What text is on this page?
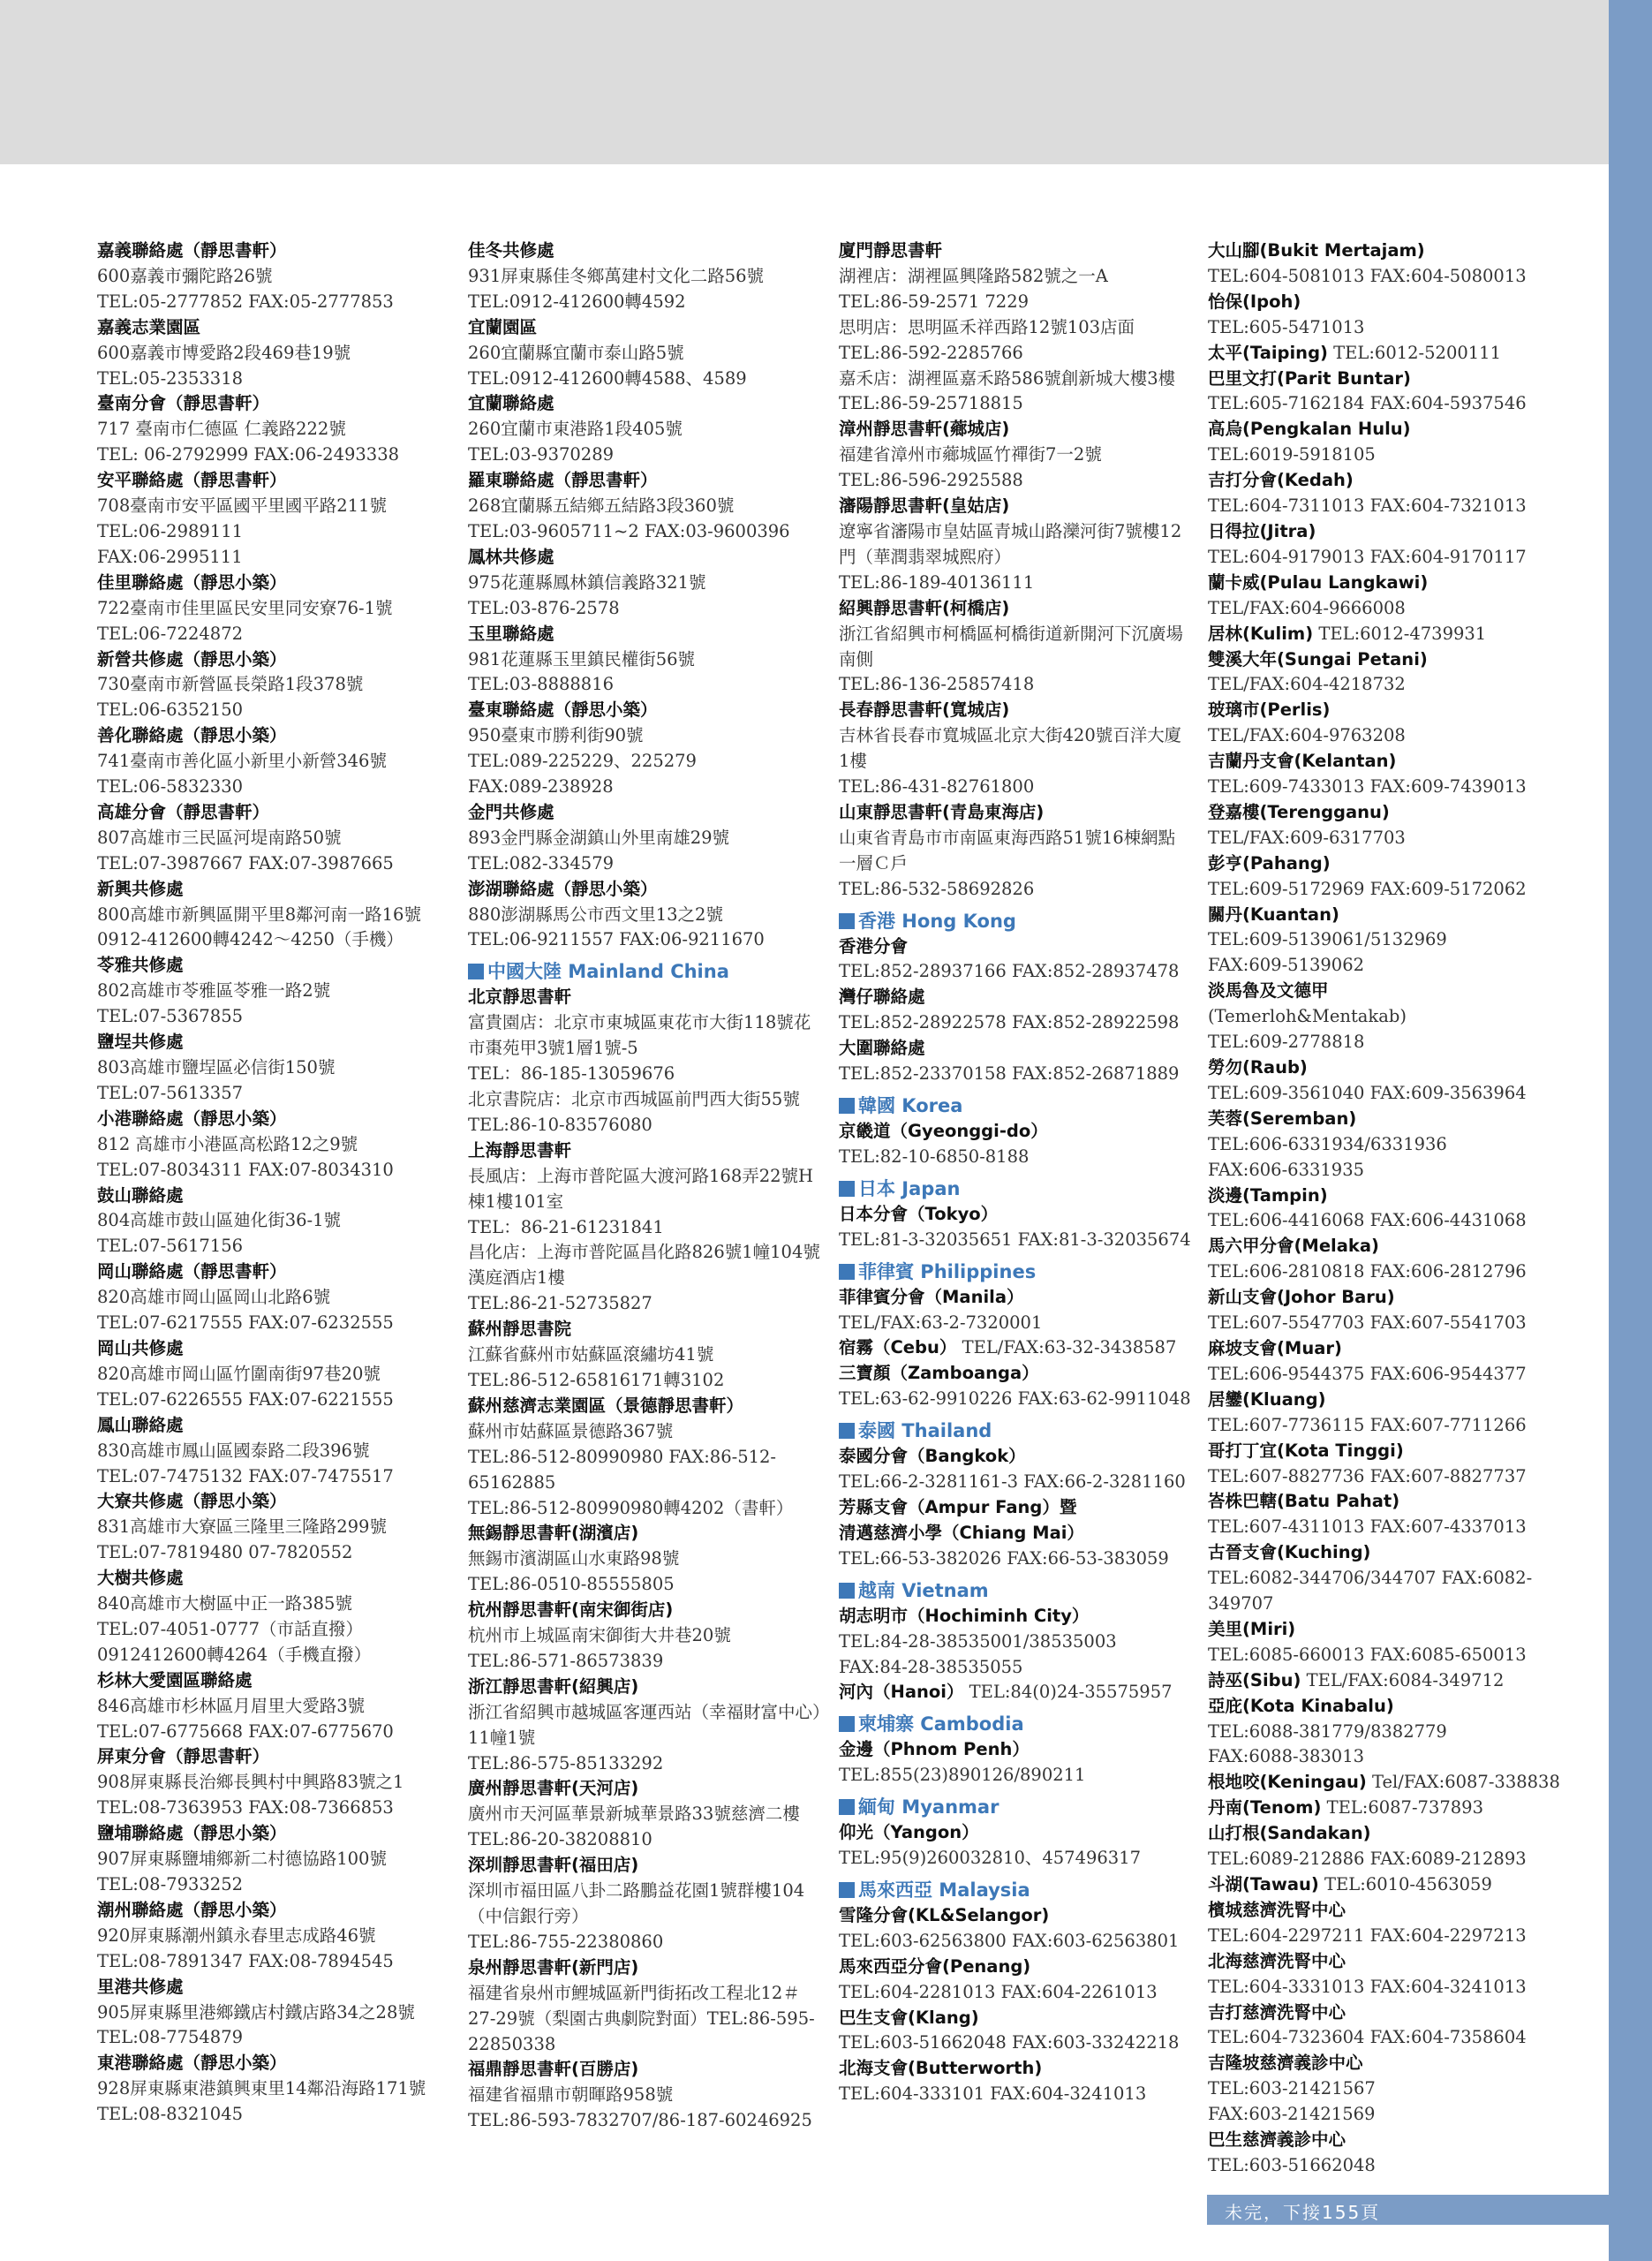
嘉義聯絡處（靜思書軒）
600嘉義市彌陀路26號
TEL:05-2777852 FAX:05-2777853
嘉義志業園區
600嘉義市博愛路2段469巷19號
TEL:05-2353318
臺南分會（靜思書軒）
717 臺南市仁德區 仁義路222號
TEL: 06-2792999 FAX:06-2493338
安平聯絡處（靜思書軒）
708臺南市安平區國平里國平路211號
TEL:06-2989111
FAX:06-2995111
佳里聯絡處（靜思小築）
722臺南市佳里區民安里同安寮76-1號
TEL:06-7224872
新營共修處（靜思小築）
730臺南市新營區長榮路1段378號
TEL:06-6352150
善化聯絡處（靜思小築）
741臺南市善化區小新里小新營346號
TEL:06-5832330
高雄分會（靜思書軒）
807高雄市三民區河堤南路50號
TEL:07-3987667 FAX:07-3987665
新興共修處
800高雄市新興區開平里8鄰河南一路16號 0912-412600轉4242～4250（手機）
苓雅共修處
802高雄市苓雅區苓雅一路2號
TEL:07-5367855
鹽埕共修處
803高雄市鹽埕區必信街150號
TEL:07-5613357
小港聯絡處（靜思小築）
812 高雄市小港區高松路12之9號
TEL:07-8034311 FAX:07-8034310
鼓山聯絡處
804高雄市鼓山區廸化街36-1號
TEL:07-5617156
岡山聯絡處（靜思書軒）
820高雄市岡山區岡山北路6號
TEL:07-6217555 FAX:07-6232555
岡山共修處
820高雄市岡山區竹圍南街97巷20號
TEL:07-6226555 FAX:07-6221555
鳳山聯絡處
830高雄市鳳山區國泰路二段396號
TEL:07-7475132 FAX:07-7475517
大寮共修處（靜思小築）
831高雄市大寮區三隆里三隆路299號
TEL:07-7819480 07-7820552
大樹共修處
840高雄市大樹區中正一路385號
TEL:07-4051-0777（市話直撥）
0912412600轉4264（手機直撥）
杉林大愛園區聯絡處
846高雄市杉林區月眉里大愛路3號
TEL:07-6775668 FAX:07-6775670
屏東分會（靜思書軒）
908屏東縣長治鄉長興村中興路83號之1
TEL:08-7363953 FAX:08-7366853
鹽埔聯絡處（靜思小築）
907屏東縣鹽埔鄉新二村德協路100號
TEL:08-7933252
潮州聯絡處（靜思小築）
920屏東縣潮州鎮永春里志成路46號
TEL:08-7891347 FAX:08-7894545
里港共修處
905屏東縣里港鄉鐵店村鐵店路34之28號 TEL:08-7754879
東港聯絡處（靜思小築）
928屏東縣東港鎮興東里14鄰沿海路171號 TEL:08-8321045
佳冬共修處
931屏東縣佳冬鄉萬建村文化二路56號
TEL:0912-412600轉4592
宜蘭園區
260宜蘭縣宜蘭市泰山路5號
TEL:0912-412600轉4588、4589
宜蘭聯絡處
260宜蘭市東港路1段405號
TEL:03-9370289
羅東聯絡處（靜思書軒）
268宜蘭縣五結鄉五結路3段360號
TEL:03-9605711~2 FAX:03-9600396
鳳林共修處
975花蓮縣鳳林鎮信義路321號
TEL:03-876-2578
玉里聯絡處
981花蓮縣玉里鎮民權街56號
TEL:03-8888816
臺東聯絡處（靜思小築）
950臺東市勝利街90號
TEL:089-225229、225279
FAX:089-238928
金門共修處
893金門縣金湖鎮山外里南雄29號
TEL:082-334579
澎湖聯絡處（靜思小築）
880澎湖縣馬公市西文里13之2號
TEL:06-9211557 FAX:06-9211670
中國大陸 Mainland China
北京靜思書軒
富貴園店：北京市東城區東花市大街118號花市棗苑甲3號1層1號-5
TEL：86-185-13059676
北京書院店：北京市西城區前門西大街55號 TEL:86-10-83576080
上海靜思書軒
長風店：上海市普陀區大渡河路168弄22號H棟1樓101室
TEL：86-21-61231841
昌化店：上海市普陀區昌化路826號1幢104號漢庭酒店1樓
TEL:86-21-52735827
蘇州靜思書院
江蘇省蘇州市姑蘇區滾繡坊41號
TEL:86-512-65816171轉3102
蘇州慈濟志業園區（景德靜思書軒）
蘇州市姑蘇區景德路367號
TEL:86-512-80990980 FAX:86-512-65162885
TEL:86-512-80990980轉4202（書軒）
無錫靜思書軒(湖濱店)
無錫市濱湖區山水東路98號
TEL:86-0510-85555805
杭州靜思書軒(南宋御街店)
杭州市上城區南宋御街大井巷20號
TEL:86-571-86573839
浙江靜思書軒(紹興店)
浙江省紹興市越城區客運西站（幸福財富中心）11幢1號
TEL:86-575-85133292
廣州靜思書軒(天河店)
廣州市天河區華景新城華景路33號慈濟二樓 TEL:86-20-38208810
深圳靜思書軒(福田店)
深圳市福田區八卦二路鵬益花園1號群樓104（中信銀行旁）
TEL:86-755-22380860
泉州靜思書軒(新門店)
福建省泉州市鯉城區新門街拓改工程北12＃27-29號（梨園古典劇院對面）TEL:86-595-22850338
福鼎靜思書軒(百勝店)
福建省福鼎市朝暉路958號
TEL:86-593-7832707/86-187-60246925
廈門靜思書軒
湖裡店：湖裡區興隆路582號之一A
TEL:86-59-2571 7229
思明店：思明區禾祥西路12號103店面 TEL:86-592-2285766
嘉禾店：湖裡區嘉禾路586號創新城大樓3樓
TEL:86-59-25718815
漳州靜思書軒(薌城店)
福建省漳州市薌城區竹禪街7一2號
TEL:86-596-2925588
瀋陽靜思書軒(皇姑店)
遼寧省瀋陽市皇姑區青城山路灤河街7號樓12門（華潤翡翠城熙府）
TEL:86-189-40136111
紹興靜思書軒(柯橋店)
浙江省紹興市柯橋區柯橋街道新開河下沉廣場南側
TEL:86-136-25857418
長春靜思書軒(寬城店)
吉林省長春市寬城區北京大街420號百洋大廈1樓
TEL:86-431-82761800
山東靜思書軒(青島東海店)
山東省青島市市南區東海西路51號16棟網點一層Ｃ戶
TEL:86-532-58692826
香港 Hong Kong
香港分會
TEL:852-28937166 FAX:852-28937478
灣仔聯絡處
TEL:852-28922578 FAX:852-28922598
大圍聯絡處
TEL:852-23370158 FAX:852-26871889
韓國 Korea
京畿道（Gyeonggi-do）
TEL:82-10-6850-8188
日本 Japan
日本分會（Tokyo）
TEL:81-3-32035651 FAX:81-3-32035674
菲律賓 Philippines
菲律賓分會（Manila）
TEL/FAX:63-2-7320001
宿霧（Cebu） TEL/FAX:63-32-3438587
三寶顏（Zamboanga）
TEL:63-62-9910226 FAX:63-62-9911048
泰國 Thailand
泰國分會（Bangkok）
TEL:66-2-3281161-3 FAX:66-2-3281160
芳縣支會（Ampur Fang）暨
清邁慈濟小學（Chiang Mai）
TEL:66-53-382026 FAX:66-53-383059
越南 Vietnam
胡志明市（Hochiminh City）
TEL:84-28-38535001/38535003
FAX:84-28-38535055
河內（Hanoi） TEL:84(0)24-35575957
柬埔寨 Cambodia
金邊（Phnom Penh）
TEL:855(23)890126/890211
緬甸 Myanmar
仰光（Yangon）
TEL:95(9)260032810、457496317
馬來西亞 Malaysia
雪隆分會(KL&Selangor)
TEL:603-62563800 FAX:603-62563801
馬來西亞分會(Penang)
TEL:604-2281013 FAX:604-2261013
巴生支會(Klang)
TEL:603-51662048 FAX:603-33242218
北海支會(Butterworth)
TEL:604-333101 FAX:604-3241013
大山腳(Bukit Mertajam)
TEL:604-5081013 FAX:604-5080013
怡保(Ipoh)
TEL:605-5471013
太平(Taiping) TEL:6012-5200111
巴里文打(Parit Buntar)
TEL:605-7162184 FAX:604-5937546
高烏(Pengkalan Hulu)
TEL:6019-5918105
吉打分會(Kedah)
TEL:604-7311013 FAX:604-7321013
日得拉(Jitra)
TEL:604-9179013 FAX:604-9170117
蘭卡威(Pulau Langkawi)
TEL/FAX:604-9666008
居林(Kulim) TEL:6012-4739931
雙溪大年(Sungai Petani)
TEL/FAX:604-4218732
玻璃市(Perlis)
TEL/FAX:604-9763208
吉蘭丹支會(Kelantan)
TEL:609-7433013 FAX:609-7439013
登嘉樓(Terengganu)
TEL/FAX:609-6317703
彭亨(Pahang)
TEL:609-5172969 FAX:609-5172062
關丹(Kuantan)
TEL:609-5139061/5132969
FAX:609-5139062
淡馬魯及文德甲
(Temerloh&Mentakab)
TEL:609-2778818
勞勿(Raub)
TEL:609-3561040 FAX:609-3563964
芙蓉(Seremban)
TEL:606-6331934/6331936
FAX:606-6331935
淡邊(Tampin)
TEL:606-4416068 FAX:606-4431068
馬六甲分會(Melaka)
TEL:606-2810818 FAX:606-2812796
新山支會(Johor Baru)
TEL:607-5547703 FAX:607-5541703
麻坡支會(Muar)
TEL:606-9544375 FAX:606-9544377
居鑾(Kluang)
TEL:607-7736115 FAX:607-7711266
哥打丁宜(Kota Tinggi)
TEL:607-8827736 FAX:607-8827737
峇株巴轄(Batu Pahat)
TEL:607-4311013 FAX:607-4337013
古晉支會(Kuching)
TEL:6082-344706/344707 FAX:6082-349707
美里(Miri)
TEL:6085-660013 FAX:6085-650013
詩巫(Sibu) TEL/FAX:6084-349712
亞庇(Kota Kinabalu)
TEL:6088-381779/8382779
FAX:6088-383013
根地咬(Keningau) Tel/FAX:6087-338838
丹南(Tenom) TEL:6087-737893
山打根(Sandakan)
TEL:6089-212886 FAX:6089-212893
斗湖(Tawau) TEL:6010-4563059
檳城慈濟洗腎中心
TEL:604-2297211 FAX:604-2297213
北海慈濟洗腎中心
TEL:604-3331013 FAX:604-3241013
吉打慈濟洗腎中心
TEL:604-7323604 FAX:604-7358604
吉隆坡慈濟義診中心
TEL:603-21421567
FAX:603-21421569
巴生慈濟義診中心
TEL:603-51662048
未完，下接155頁
